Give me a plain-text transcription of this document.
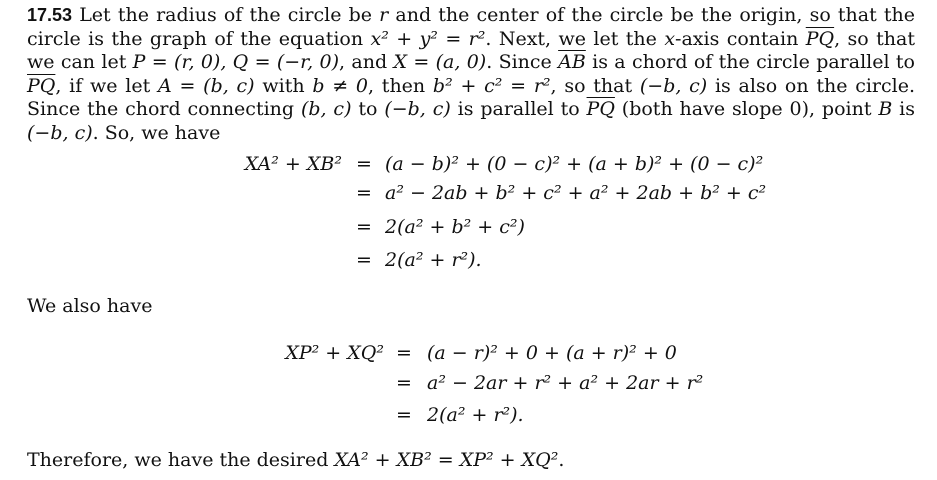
17.53 Let the radius of the circle be r and the center of the circle be the origin, so that the circle is the graph of the equation x² + y² = r². Next, we let the x-axis contain $\overline{PQ}$, so that we can let P = (r, 0), Q = (−r, 0), and X = (a, 0). Since $\overline{AB}$ is a chord of the circle parallel to $\overline{PQ}$, if we let A = (b, c) with b ≠ 0, then b² + c² = r², so that (−b, c) is also on the circle. Since the chord connecting (b, c) to (−b, c) is parallel to $\overline{PQ}$ (both have slope 0), point B is (−b, c). So, we have
XA² + XB² = (a − b)² + (0 − c)² + (a + b)² + (0 − c)²
= a² − 2ab + b² + c² + a² + 2ab + b² + c²
= 2(a² + b² + c²)
= 2(a² + r²).
We also have
XP² + XQ² = (a − r)² + 0 + (a + r)² + 0
= a² − 2ar + r² + a² + 2ar + r²
= 2(a² + r²).
Therefore, we have the desired XA² + XB² = XP² + XQ².
